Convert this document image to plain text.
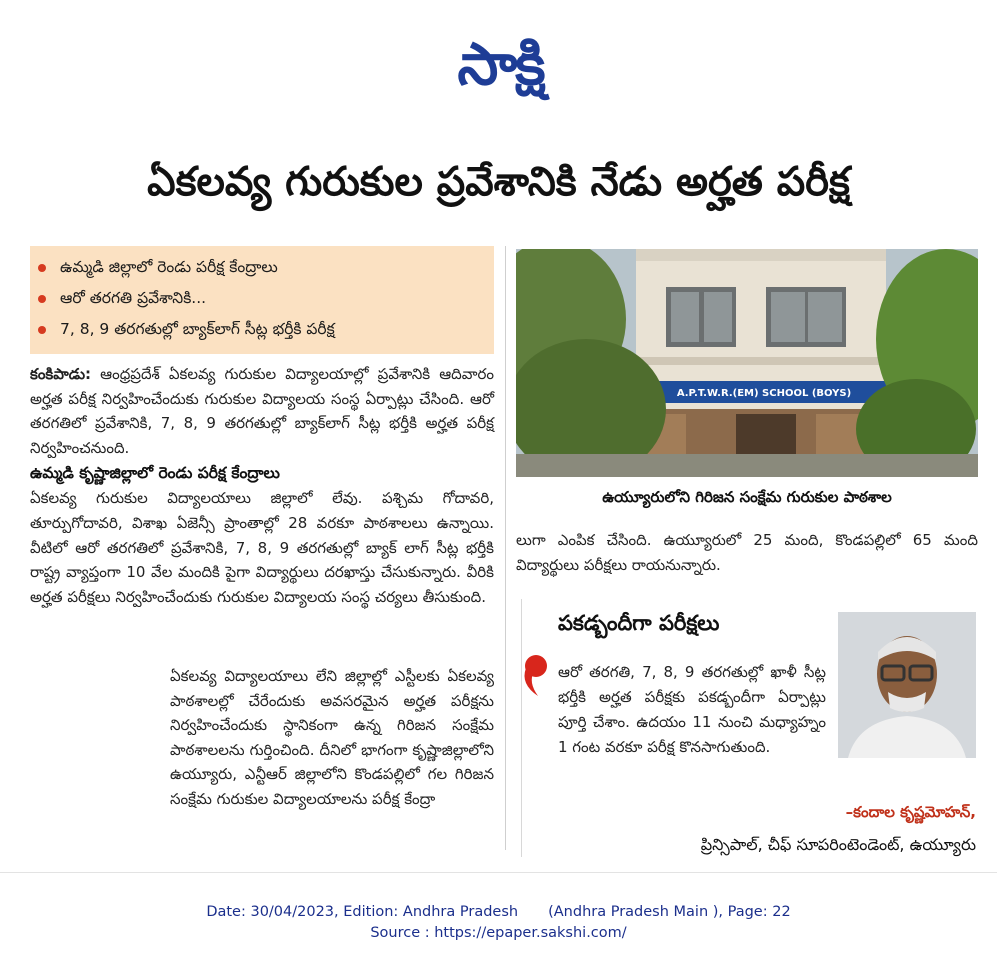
సాక్షి
ఏకలవ్య గురుకుల ప్రవేశానికి నేడు అర్హత పరీక్ష
ఉమ్మడి జిల్లాలో రెండు పరీక్ష కేంద్రాలు
ఆరో తరగతి ప్రవేశానికి...
7, 8, 9 తరగతుల్లో బ్యాక్‌లాగ్ సీట్ల భర్తీకి పరీక్ష
కంకిపాడు: ఆంధ్రప్రదేశ్ ఏకలవ్య గురుకుల విద్యాలయాల్లో ప్రవేశానికి ఆదివారం అర్హత పరీక్ష నిర్వహించేందుకు గురుకుల విద్యాలయ సంస్థ ఏర్పాట్లు చేసింది. ఆరో తరగతిలో ప్రవేశానికి, 7, 8, 9 తరగతుల్లో బ్యాక్‌లాగ్ సీట్ల భర్తీకి అర్హత పరీక్ష నిర్వహించనుంది.
ఉమ్మడి కృష్ణాజిల్లాలో రెండు పరీక్ష కేంద్రాలు
ఏకలవ్య గురుకుల విద్యాలయాలు జిల్లాలో లేవు. పశ్చిమ గోదావరి, తూర్పుగోదావరి, విశాఖ ఏజెన్సీ ప్రాంతాల్లో 28 వరకూ పాఠశాలలు ఉన్నాయి. వీటిలో ఆరో తరగతిలో ప్రవేశానికి, 7, 8, 9 తరగతుల్లో బ్యాక్ లాగ్ సీట్ల భర్తీకి రాష్ట్ర వ్యాప్తంగా 10 వేల మందికి పైగా విద్యార్థులు దరఖాస్తు చేసుకున్నారు. వీరికి అర్హత పరీక్షలు నిర్వహించేందుకు గురుకుల విద్యాలయ సంస్థ చర్యలు తీసుకుంది.
ఏకలవ్య విద్యాలయాలు లేని జిల్లాల్లో ఎస్టీలకు ఏకలవ్య పాఠశాలల్లో చేరేందుకు అవసరమైన అర్హత పరీక్షను నిర్వహించేందుకు స్థానికంగా ఉన్న గిరిజన సంక్షేమ పాఠశాలలను గుర్తించింది. దీనిలో భాగంగా కృష్ణాజిల్లాలోని ఉయ్యూరు, ఎన్టీఆర్ జిల్లాలోని కొండపల్లిలో గల గిరిజన సంక్షేమ గురుకుల విద్యాలయాలను పరీక్ష కేంద్రా
A.P.T.W.R.(EM) SCHOOL (BOYS)
ఉయ్యూరులోని గిరిజన సంక్షేమ గురుకుల పాఠశాల
లుగా ఎంపిక చేసింది. ఉయ్యూరులో 25 మంది, కొండపల్లిలో 65 మంది విద్యార్థులు పరీక్షలు రాయనున్నారు.
పకడ్బందీగా పరీక్షలు
ఆరో తరగతి, 7, 8, 9 తరగతుల్లో ఖాళీ సీట్ల భర్తీకి అర్హత పరీక్షకు పకడ్బందీగా ఏర్పాట్లు పూర్తి చేశాం. ఉదయం 11 నుంచి మధ్యాహ్నం 1 గంట వరకూ పరీక్ష కొనసాగుతుంది.
–కందాల కృష్ణమోహన్,
ప్రిన్సిపాల్, చీఫ్ సూపరింటెండెంట్, ఉయ్యూరు
Date: 30/04/2023, Edition: Andhra Pradesh (Andhra Pradesh Main ), Page: 22
Source : https://epaper.sakshi.com/
